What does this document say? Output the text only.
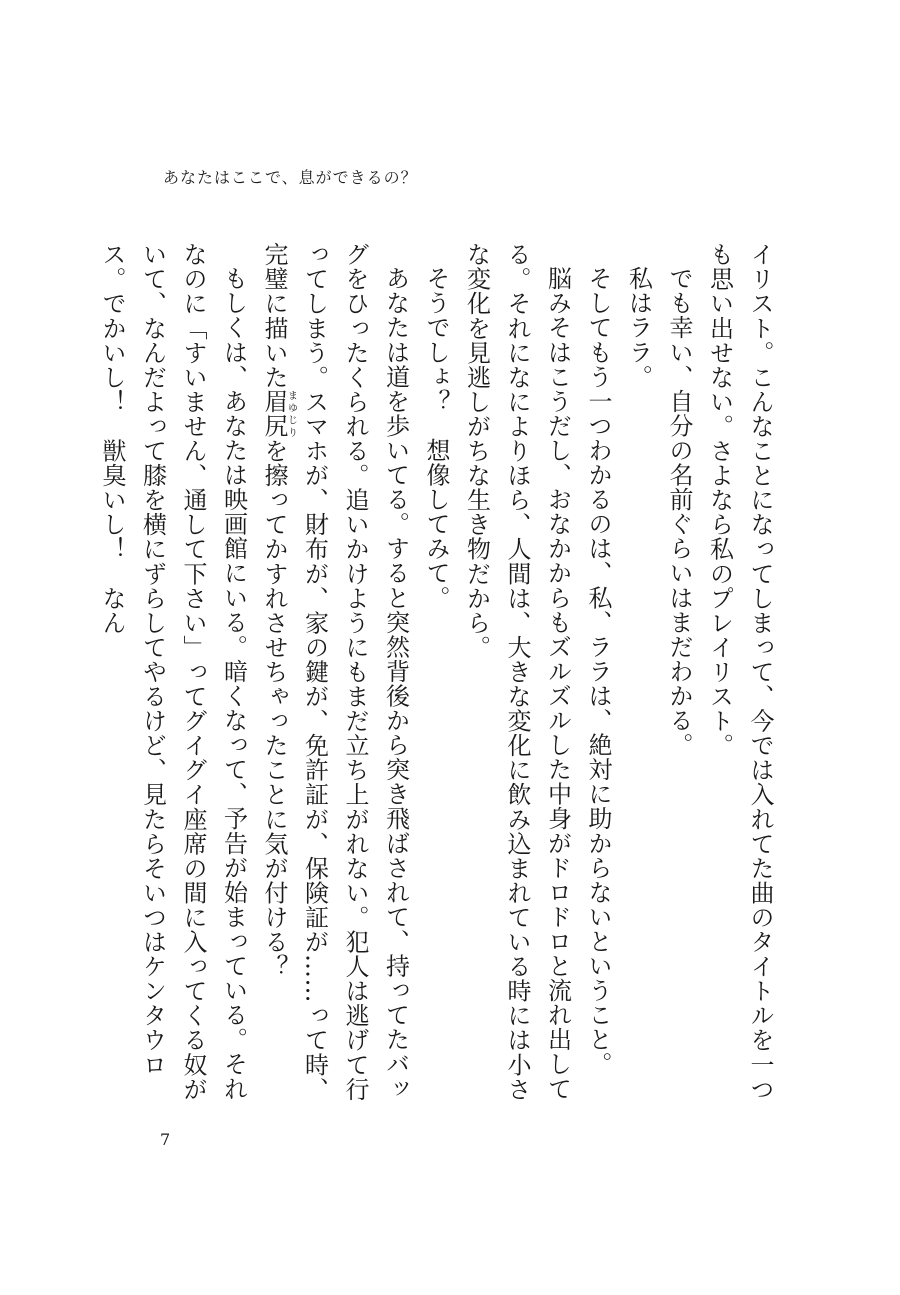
あなたはここで、息ができるの？

イリスト。こんなことになってしまって、今では入れてた曲のタイトルを一つも思い出せない。さよなら私のプレイリスト。

でも幸い、自分の名前ぐらいはまだわかる。

私はララ。

そしてもう一つわかるのは、私、ララは、絶対に助からないということ。

脳みそはこうだし、おなかからもズルズルした中身がドロドロと流れ出してる。それになによりほら、人間は、大きな変化に飲み込まれている時には小さな変化を見逃しがちな生き物だから。

そうでしょ？　想像してみて。

あなたは道を歩いてる。すると突然背後から突き飛ばされて、持ってたバッグをひったくられる。追いかけようにもまだ立ち上がれない。犯人は逃げて行ってしまう。スマホが、財布が、家の鍵が、免許証が、保険証が……って時、完璧に描いた眉尻まゆじりを擦ってかすれさせちゃったことに気が付ける？

もしくは、あなたは映画館にいる。暗くなって、予告が始まっている。それなのに「すいません、通して下さい」ってグイグイ座席の間に入ってくる奴がいて、なんだよって膝を横にずらしてやるけど、見たらそいつはケンタウロス。でかいし！　獣臭いし！　なん

7
